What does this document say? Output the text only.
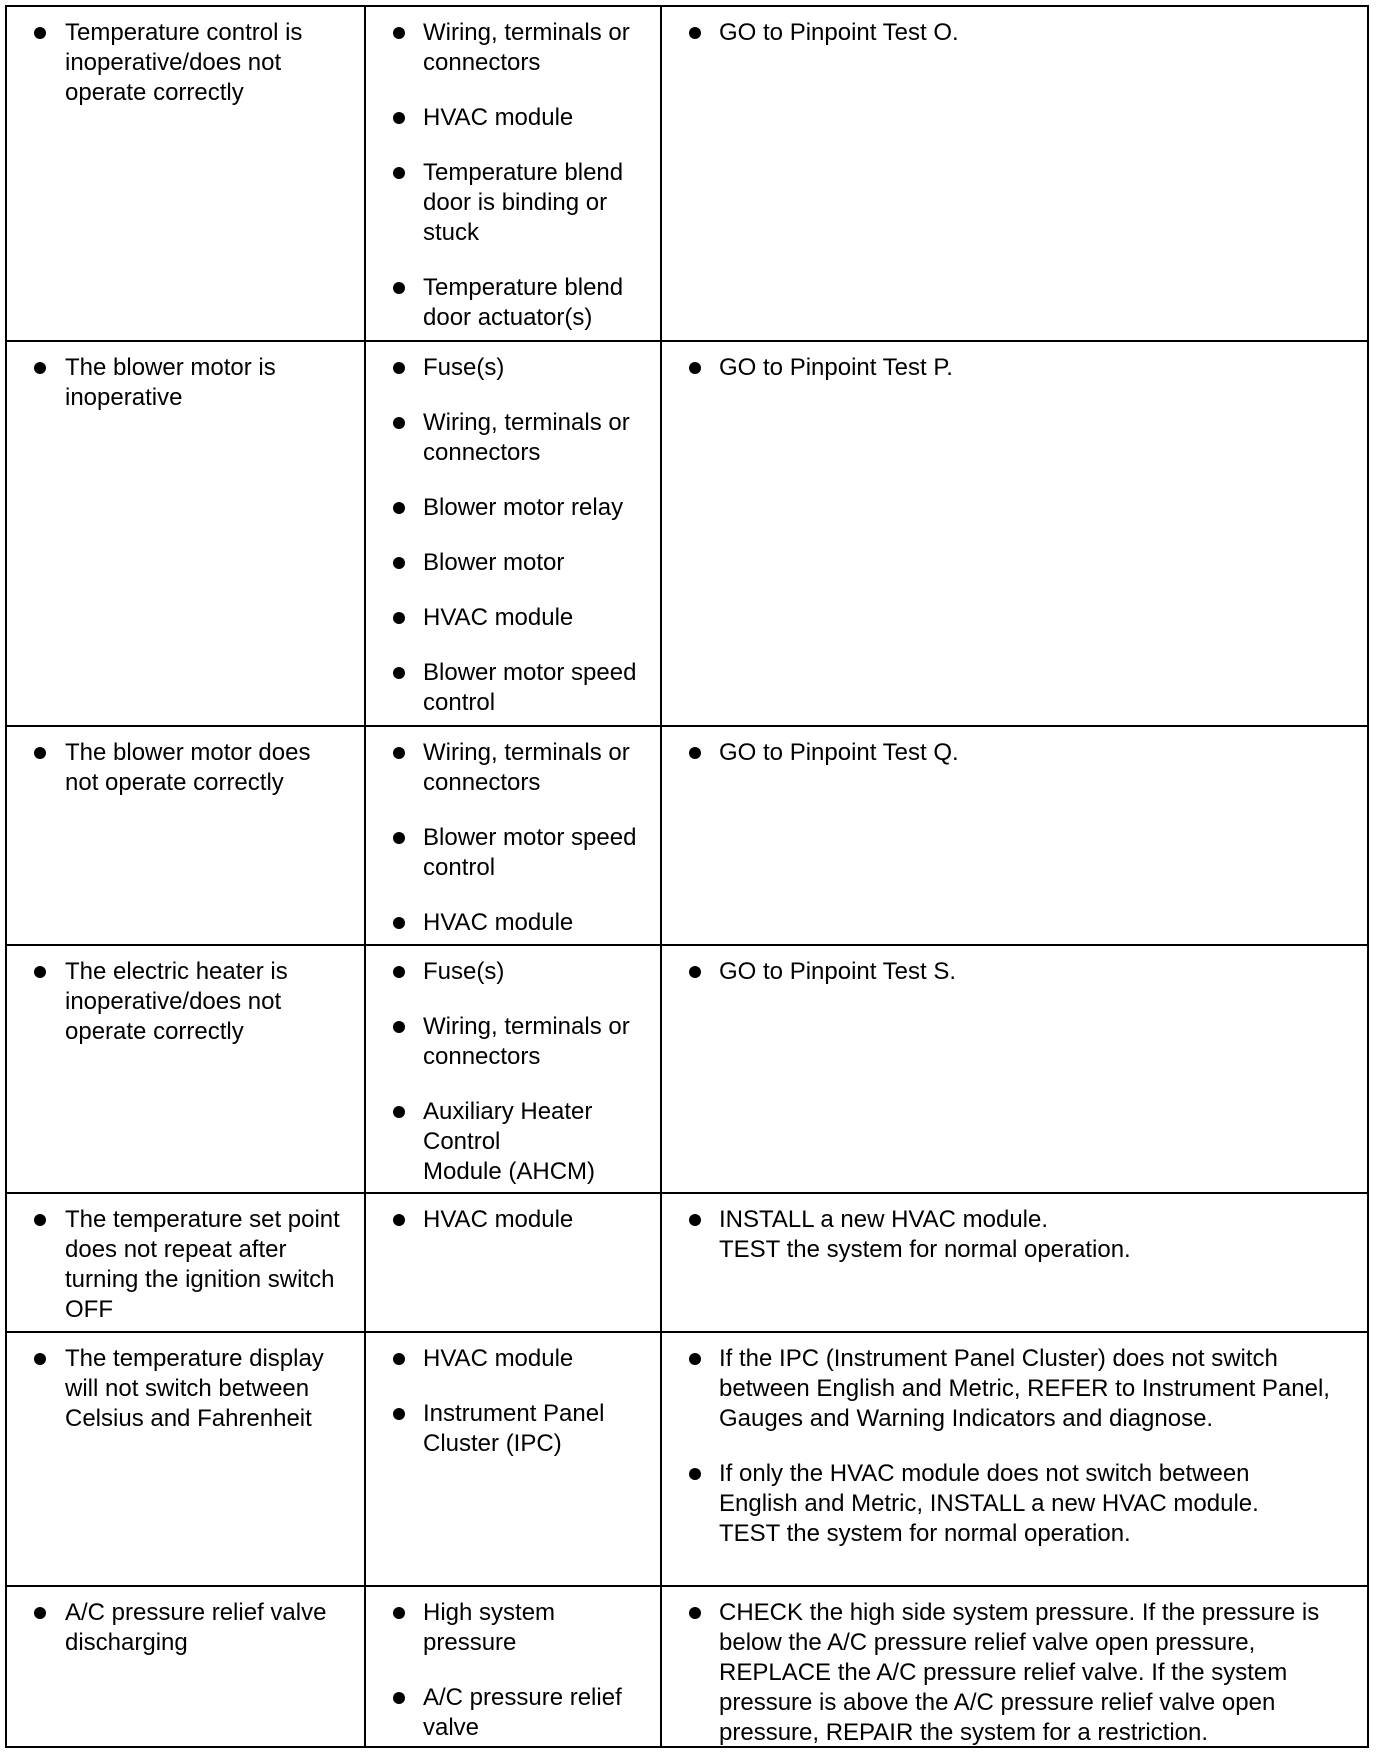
Temperature control is
inoperative/does not
operate correctly
Wiring, terminals or
connectors
HVAC module
Temperature blend
door is binding or
stuck
Temperature blend
door actuator(s)
GO to Pinpoint Test O.
The blower motor is
inoperative
Fuse(s)
Wiring, terminals or
connectors
Blower motor relay
Blower motor
HVAC module
Blower motor speed
control
GO to Pinpoint Test P.
The blower motor does
not operate correctly
Wiring, terminals or
connectors
Blower motor speed
control
HVAC module
GO to Pinpoint Test Q.
The electric heater is
inoperative/does not
operate correctly
Fuse(s)
Wiring, terminals or
connectors
Auxiliary Heater
Control
Module (AHCM)
GO to Pinpoint Test S.
The temperature set point
does not repeat after
turning the ignition switch
OFF
HVAC module	INSTALL a new HVAC module.
TEST the system for normal operation.
The temperature display
will not switch between
Celsius and Fahrenheit
HVAC module
Instrument Panel
Cluster (IPC)
If the IPC (Instrument Panel Cluster) does not switch
between English and Metric, REFER to Instrument Panel,
Gauges and Warning Indicators and diagnose.
If only the HVAC module does not switch between
English and Metric, INSTALL a new HVAC module.
TEST the system for normal operation.
A/C pressure relief valve
discharging
High system
pressure
A/C pressure relief
valve
CHECK the high side system pressure. If the pressure is
below the A/C pressure relief valve open pressure,
REPLACE the A/C pressure relief valve. If the system
pressure is above the A/C pressure relief valve open
pressure, REPAIR the system for a restriction.
